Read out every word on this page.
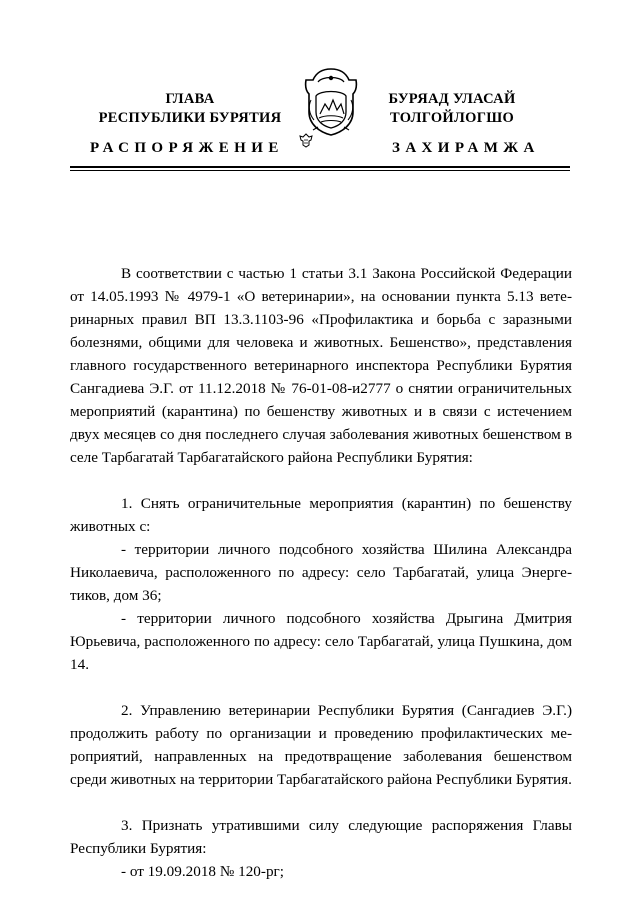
ГЛАВА
РЕСПУБЛИКИ БУРЯТИЯ
БУРЯАД УЛАСАЙ
ТОЛГОЙЛОГШО
РАСПОРЯЖЕНИЕ	ЗАХИРАМЖА

В соответствии с частью 1 статьи 3.1 Закона Российской Федерации от 14.05.1993 № 4979-1 «О ветеринарии», на основании пункта 5.13 ветеринарных правил ВП 13.3.1103-96 «Профилактика и борьба с заразными болезнями, общими для человека и животных. Бешенство», представления главного государственного ветеринарного инспектора Республики Бурятия Сангадиева Э.Г. от 11.12.2018 № 76-01-08-и2777 о снятии ограничительных мероприятий (карантина) по бешенству животных и в связи с истечением двух месяцев со дня последнего случая заболевания животных бешенством в селе Тарбагатай Тарбагатайского района Республики Бурятия:

1. Снять ограничительные мероприятия (карантин) по бешенству животных с:

- территории личного подсобного хозяйства Шилина Александра Николаевича, расположенного по адресу: село Тарбагатай, улица Энергетиков, дом 36;

- территории личного подсобного хозяйства Дрыгина Дмитрия Юрьевича, расположенного по адресу: село Тарбагатай, улица Пушкина, дом 14.

2. Управлению ветеринарии Республики Бурятия (Сангадиев Э.Г.) продолжить работу по организации и проведению профилактических мероприятий, направленных на предотвращение заболевания бешенством среди животных на территории Тарбагатайского района Республики Бурятия.

3. Признать утратившими силу следующие распоряжения Главы Республики Бурятия:

- от 19.09.2018 № 120-рг;
